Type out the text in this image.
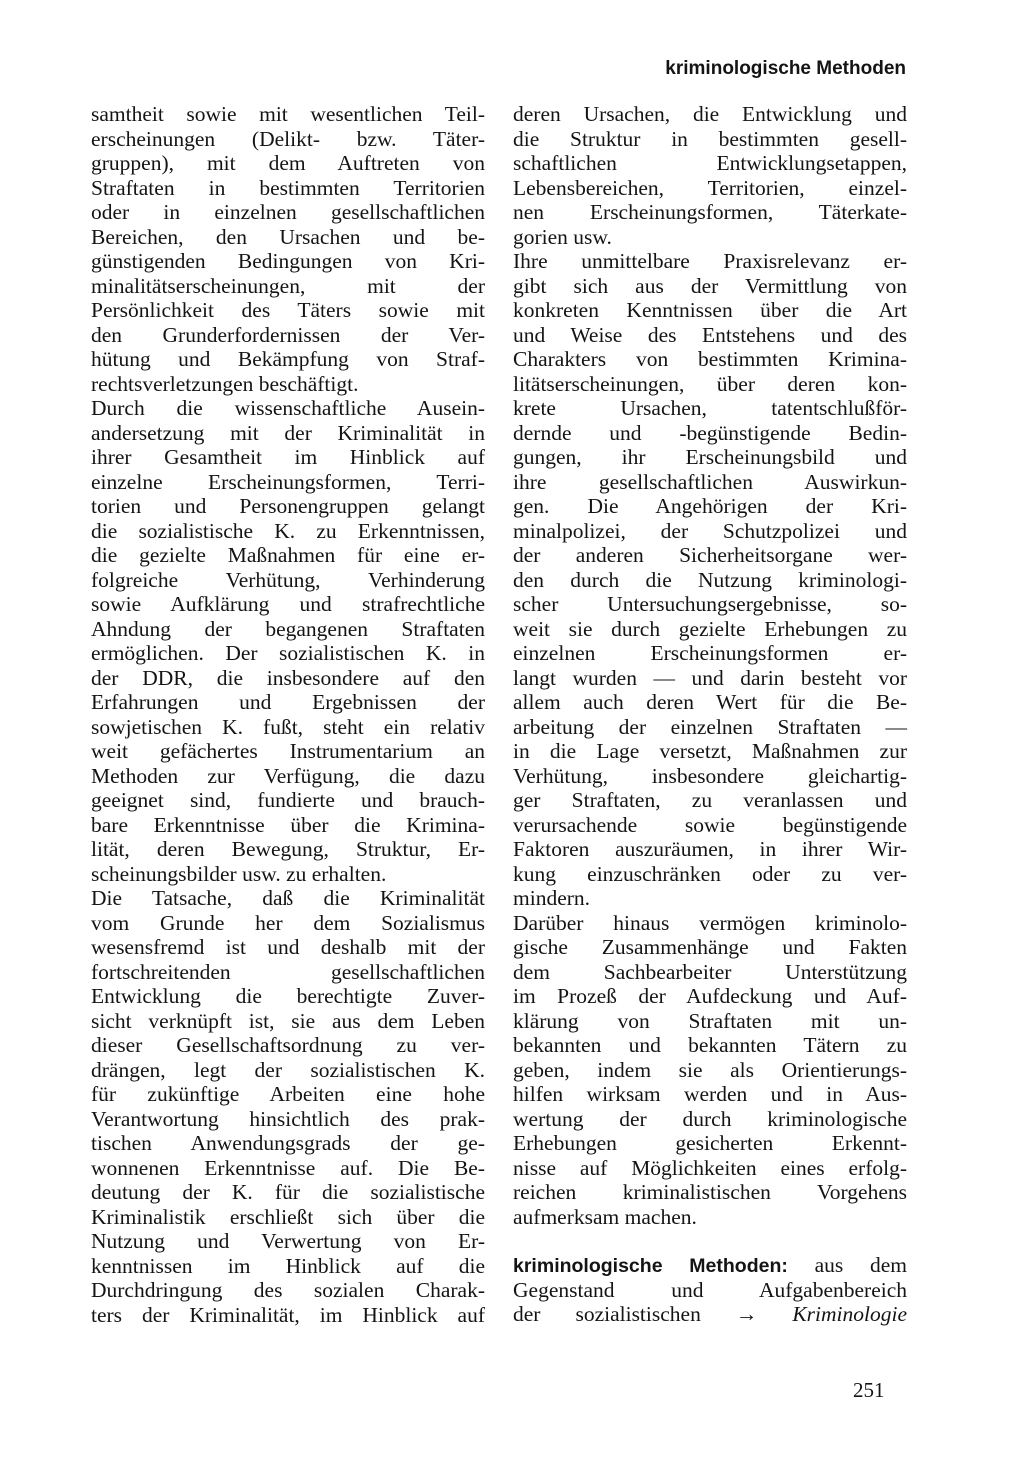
kriminologische Methoden
samtheit sowie mit wesentlichen Teil-
erscheinungen (Delikt- bzw. Täter-
gruppen), mit dem Auftreten von
Straftaten in bestimmten Territorien
oder in einzelnen gesellschaftlichen
Bereichen, den Ursachen und be-
günstigenden Bedingungen von Kri-
minalitätserscheinungen, mit der
Persönlichkeit des Täters sowie mit
den Grunderfordernissen der Ver-
hütung und Bekämpfung von Straf-
rechtsverletzungen beschäftigt.
Durch die wissenschaftliche Ausein-
andersetzung mit der Kriminalität in
ihrer Gesamtheit im Hinblick auf
einzelne Erscheinungsformen, Terri-
torien und Personengruppen gelangt
die sozialistische K. zu Erkenntnissen,
die gezielte Maßnahmen für eine er-
folgreiche Verhütung, Verhinderung
sowie Aufklärung und strafrechtliche
Ahndung der begangenen Straftaten
ermöglichen. Der sozialistischen K. in
der DDR, die insbesondere auf den
Erfahrungen und Ergebnissen der
sowjetischen K. fußt, steht ein relativ
weit gefächertes Instrumentarium an
Methoden zur Verfügung, die dazu
geeignet sind, fundierte und brauch-
bare Erkenntnisse über die Krimina-
lität, deren Bewegung, Struktur, Er-
scheinungsbilder usw. zu erhalten.
Die Tatsache, daß die Kriminalität
vom Grunde her dem Sozialismus
wesensfremd ist und deshalb mit der
fortschreitenden gesellschaftlichen
Entwicklung die berechtigte Zuver-
sicht verknüpft ist, sie aus dem Leben
dieser Gesellschaftsordnung zu ver-
drängen, legt der sozialistischen K.
für zukünftige Arbeiten eine hohe
Verantwortung hinsichtlich des prak-
tischen Anwendungsgrads der ge-
wonnenen Erkenntnisse auf. Die Be-
deutung der K. für die sozialistische
Kriminalistik erschließt sich über die
Nutzung und Verwertung von Er-
kenntnissen im Hinblick auf die
Durchdringung des sozialen Charak-
ters der Kriminalität, im Hinblick auf
deren Ursachen, die Entwicklung und
die Struktur in bestimmten gesell-
schaftlichen Entwicklungsetappen,
Lebensbereichen, Territorien, einzel-
nen Erscheinungsformen, Täterkate-
gorien usw.
Ihre unmittelbare Praxisrelevanz er-
gibt sich aus der Vermittlung von
konkreten Kenntnissen über die Art
und Weise des Entstehens und des
Charakters von bestimmten Krimina-
litätserscheinungen, über deren kon-
krete Ursachen, tatentschlußför-
dernde und -begünstigende Bedin-
gungen, ihr Erscheinungsbild und
ihre gesellschaftlichen Auswirkun-
gen. Die Angehörigen der Kri-
minalpolizei, der Schutzpolizei und
der anderen Sicherheitsorgane wer-
den durch die Nutzung kriminologi-
scher Untersuchungsergebnisse, so-
weit sie durch gezielte Erhebungen zu
einzelnen Erscheinungsformen er-
langt wurden — und darin besteht vor
allem auch deren Wert für die Be-
arbeitung der einzelnen Straftaten —
in die Lage versetzt, Maßnahmen zur
Verhütung, insbesondere gleichartig-
ger Straftaten, zu veranlassen und
verursachende sowie begünstigende
Faktoren auszuräumen, in ihrer Wir-
kung einzuschränken oder zu ver-
mindern.
Darüber hinaus vermögen kriminolo-
gische Zusammenhänge und Fakten
dem Sachbearbeiter Unterstützung
im Prozeß der Aufdeckung und Auf-
klärung von Straftaten mit un-
bekannten und bekannten Tätern zu
geben, indem sie als Orientierungs-
hilfen wirksam werden und in Aus-
wertung der durch kriminologische
Erhebungen gesicherten Erkennt-
nisse auf Möglichkeiten eines erfolg-
reichen kriminalistischen Vorgehens
aufmerksam machen.
kriminologische Methoden: aus dem
Gegenstand und Aufgabenbereich
der sozialistischen → Kriminologie
251
